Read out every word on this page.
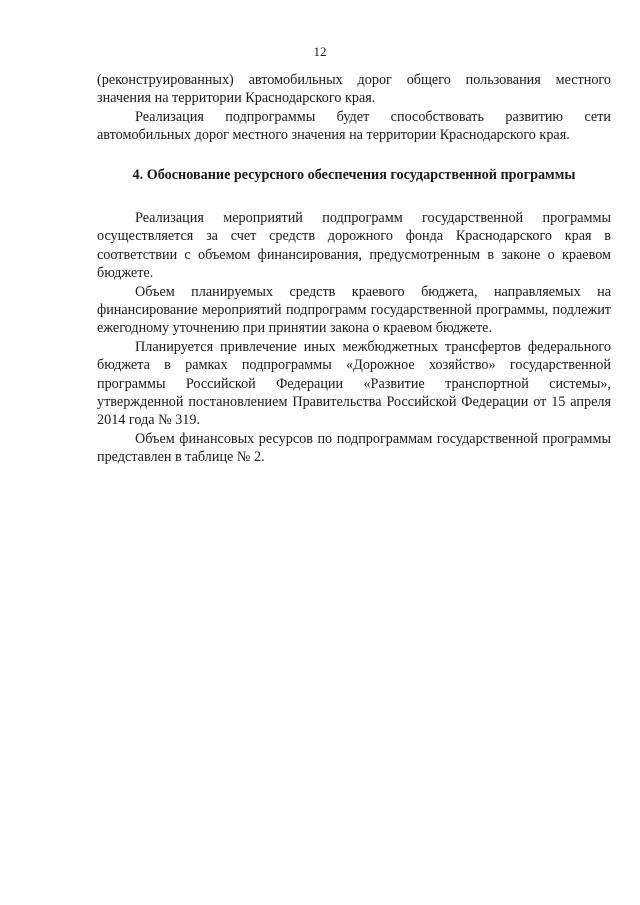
12

(реконструированных) автомобильных дорог общего пользования местного значения на территории Краснодарского края.

Реализация подпрограммы будет способствовать развитию сети автомобильных дорог местного значения на территории Краснодарского края.

4. Обоснование ресурсного обеспечения государственной программы

Реализация мероприятий подпрограмм государственной программы осуществляется за счет средств дорожного фонда Краснодарского края в соответствии с объемом финансирования, предусмотренным в законе о краевом бюджете.

Объем планируемых средств краевого бюджета, направляемых на финансирование мероприятий подпрограмм государственной программы, подлежит ежегодному уточнению при принятии закона о краевом бюджете.

Планируется привлечение иных межбюджетных трансфертов федерального бюджета в рамках подпрограммы «Дорожное хозяйство» государственной программы Российской Федерации «Развитие транспортной системы», утвержденной постановлением Правительства Российской Федерации от 15 апреля 2014 года № 319.

Объем финансовых ресурсов по подпрограммам государственной программы представлен в таблице № 2.
